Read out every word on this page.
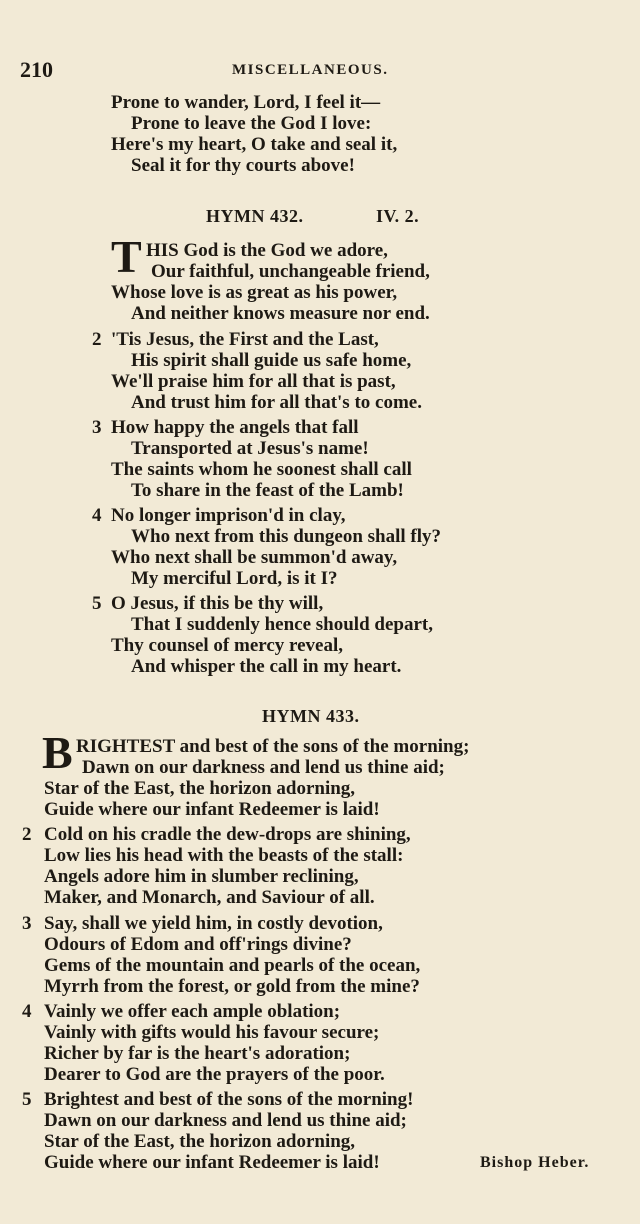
210	MISCELLANEOUS.
Prone to wander, Lord, I feel it—
Prone to leave the God I love:
Here's my heart, O take and seal it,
Seal it for thy courts above!
HYMN 432.	IV. 2.
T HIS God is the God we adore,
Our faithful, unchangeable friend,
Whose love is as great as his power,
And neither knows measure nor end.
2 'Tis Jesus, the First and the Last,
His spirit shall guide us safe home,
We'll praise him for all that is past,
And trust him for all that's to come.
3 How happy the angels that fall
Transported at Jesus's name!
The saints whom he soonest shall call
To share in the feast of the Lamb!
4 No longer imprison'd in clay,
Who next from this dungeon shall fly?
Who next shall be summon'd away,
My merciful Lord, is it I?
5 O Jesus, if this be thy will,
That I suddenly hence should depart,
Thy counsel of mercy reveal,
And whisper the call in my heart.
HYMN 433.
B RIGHTEST and best of the sons of the morning;
Dawn on our darkness and lend us thine aid;
Star of the East, the horizon adorning,
Guide where our infant Redeemer is laid!
2 Cold on his cradle the dew-drops are shining,
Low lies his head with the beasts of the stall:
Angels adore him in slumber reclining,
Maker, and Monarch, and Saviour of all.
3 Say, shall we yield him, in costly devotion,
Odours of Edom and off'rings divine?
Gems of the mountain and pearls of the ocean,
Myrrh from the forest, or gold from the mine?
4 Vainly we offer each ample oblation;
Vainly with gifts would his favour secure;
Richer by far is the heart's adoration;
Dearer to God are the prayers of the poor.
5 Brightest and best of the sons of the morning!
Dawn on our darkness and lend us thine aid;
Star of the East, the horizon adorning,
Guide where our infant Redeemer is laid!	Bishop Heber.
